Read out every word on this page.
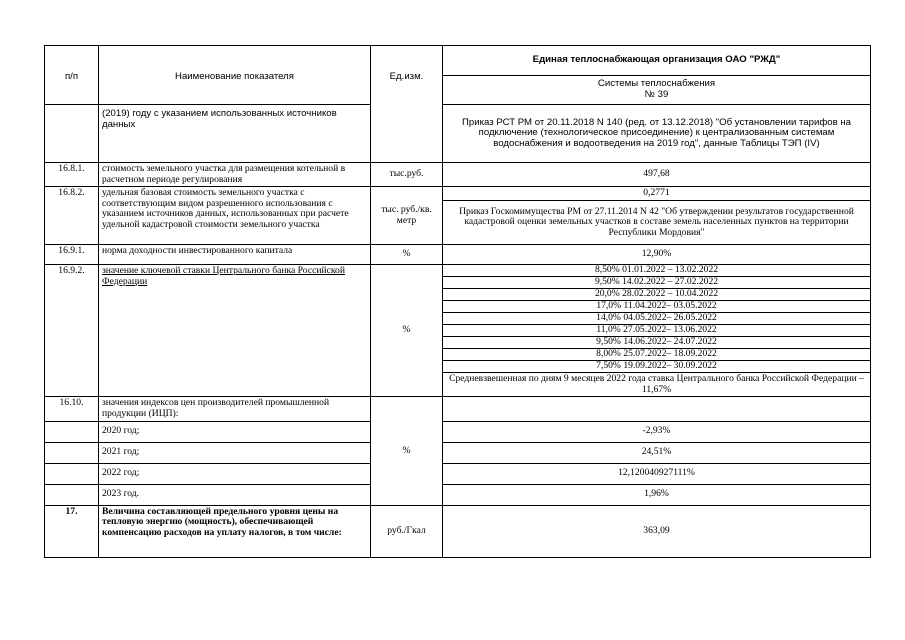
п/п	Наименование показателя	Ед.изм.	Единая теплоснабжающая организация ОАО "РЖД"

			Системы теплоснабжения
№ 39

	(2019) году с указанием использованных источников данных		Приказ РСТ РМ от 20.11.2018 N 140 (ред. от 13.12.2018) "Об установлении тарифов на подключение (технологическое присоединение) к централизованным системам водоснабжения и водоотведения на 2019 год", данные Таблицы ТЭП (IV)
16.8.1.	стоимость земельного участка для размещения котельной в расчетном периоде регулирования	тыс.руб.	497,68
16.8.2.	удельная базовая стоимость земельного участка с соответствующим видом разрешенного использования с указанием источников данных, использованных при расчете удельной кадастровой стоимости земельного участка	тыс. руб./кв. метр	0,2771
			Приказ Госкомимущества РМ от 27.11.2014 N 42 "Об утверждении результатов государственной кадастровой оценки земельных участков в составе земель населенных пунктов на территории Республики Мордовия"
16.9.1.	норма доходности инвестированного капитала	%	12,90%
16.9.2.	значение ключевой ставки Центрального банка Российской Федерации	%	8,50% 01.01.2022 – 13.02.2022
			9,50% 14.02.2022 – 27.02.2022
			20,0% 28.02.2022 – 10.04.2022
			17,0% 11.04.2022– 03.05.2022
			14,0% 04.05.2022– 26.05.2022
			11,0% 27.05.2022– 13.06.2022
			9,50% 14.06.2022– 24.07.2022
			8,00% 25.07.2022– 18.09.2022
			7,50% 19.09.2022– 30.09.2022
			Средневзвешенная по дням 9 месяцев 2022 года ставка Центрального банка Российской Федерации – 11,67%
16.10.	значения индексов цен производителей промышленной продукции (ИЦП):	%	
	2020 год;		-2,93%
	2021 год;		24,51%
	2022 год;		12,120040927111%
	2023 год.		1,96%
17.	Величина составляющей предельного уровня цены на тепловую энергию (мощность), обеспечивающей компенсацию расходов на уплату налогов, в том числе:	руб./Гкал	363,09
